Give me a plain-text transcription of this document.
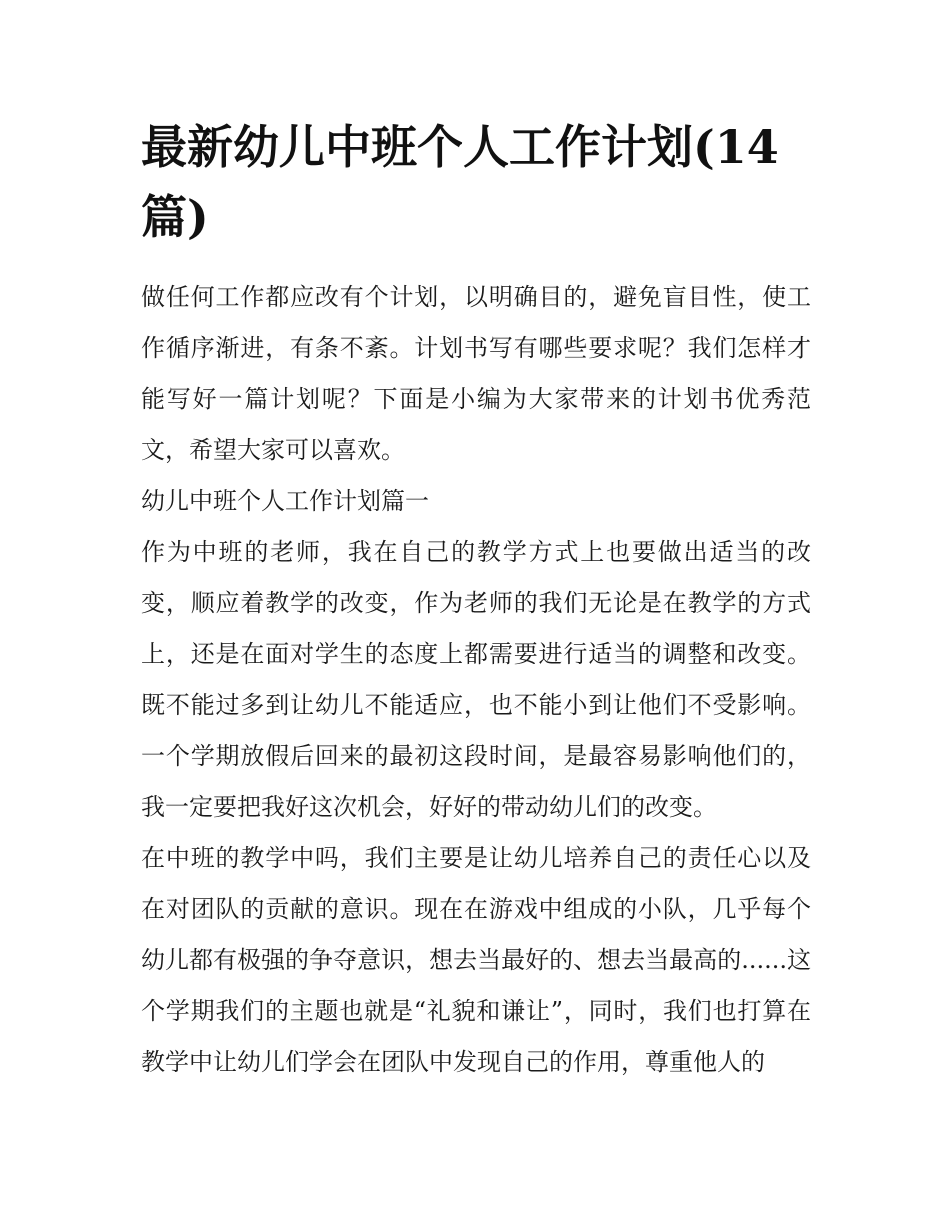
最新幼儿中班个人工作计划(14篇)

做任何工作都应改有个计划，以明确目的，避免盲目性，使工作循序渐进，有条不紊。计划书写有哪些要求呢？我们怎样才能写好一篇计划呢？下面是小编为大家带来的计划书优秀范文，希望大家可以喜欢。

幼儿中班个人工作计划篇一

作为中班的老师，我在自己的教学方式上也要做出适当的改变，顺应着教学的改变，作为老师的我们无论是在教学的方式上，还是在面对学生的态度上都需要进行适当的调整和改变。既不能过多到让幼儿不能适应，也不能小到让他们不受影响。一个学期放假后回来的最初这段时间，是最容易影响他们的，我一定要把我好这次机会，好好的带动幼儿们的改变。

在中班的教学中吗，我们主要是让幼儿培养自己的责任心以及在对团队的贡献的意识。现在在游戏中组成的小队，几乎每个幼儿都有极强的争夺意识，想去当最好的、想去当最高的......这个学期我们的主题也就是“礼貌和谦让”，同时，我们也打算在教学中让幼儿们学会在团队中发现自己的作用，尊重他人的
